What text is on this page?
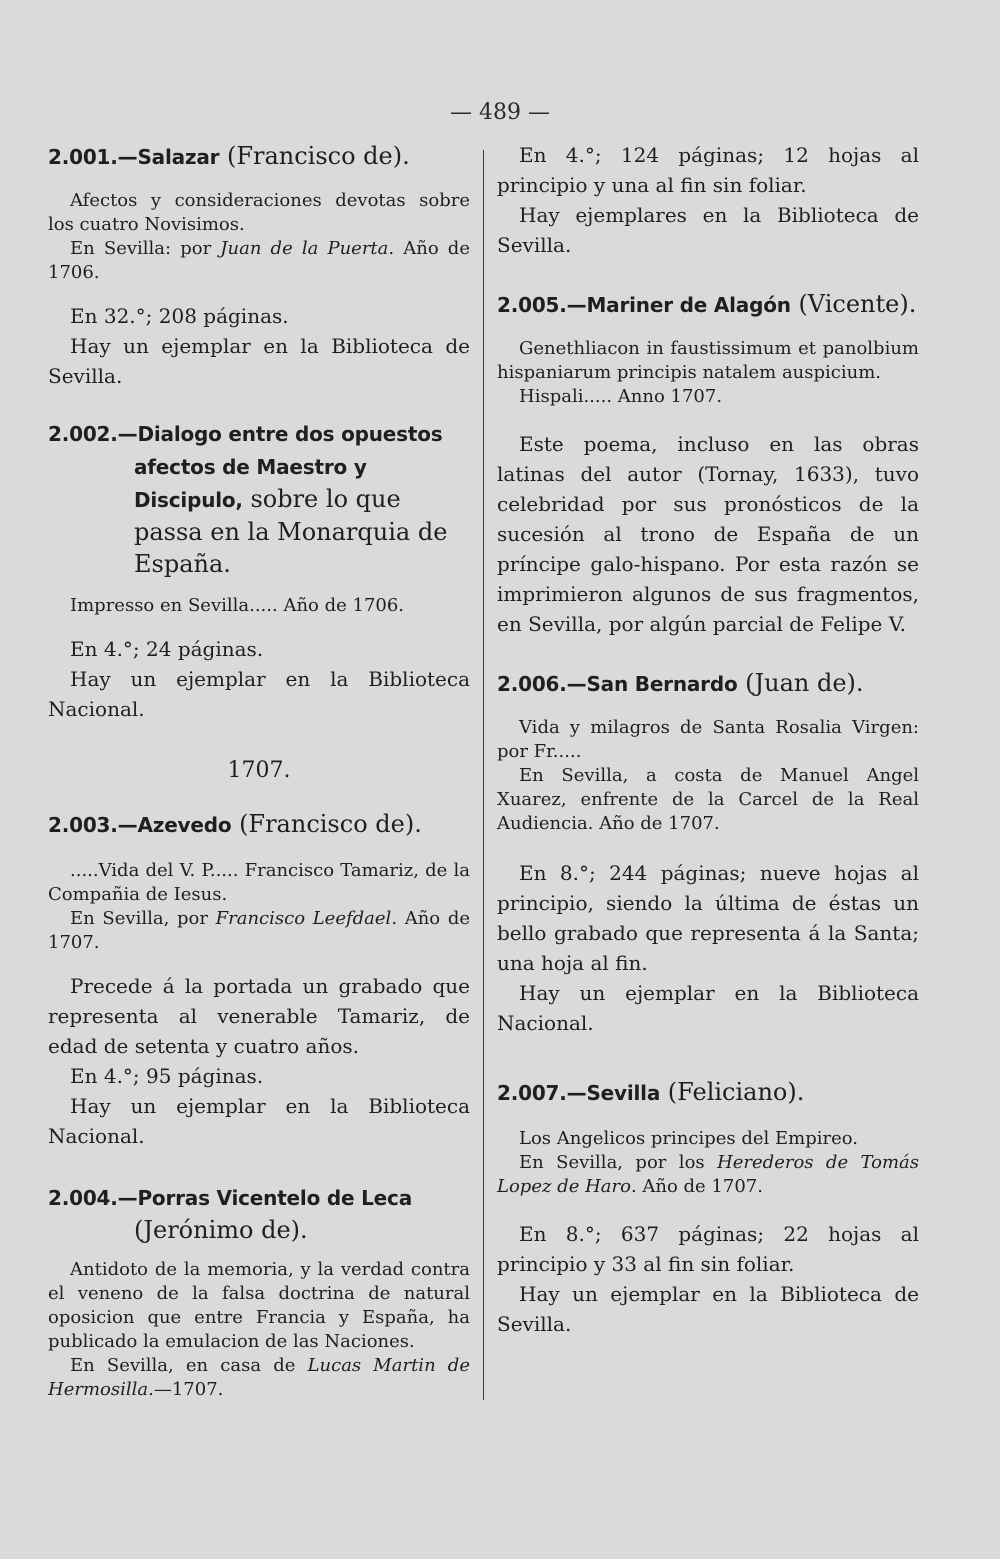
— 489 —

2.001.—Salazar (Francisco de).

Afectos y consideraciones devotas sobre los cuatro Novisimos.

En Sevilla: por Juan de la Puerta. Año de 1706.

En 32.°; 208 páginas.

Hay un ejemplar en la Biblioteca de Sevilla.

2.002.—Dialogo entre dos opuestos afectos de Maestro y Discipulo, sobre lo que passa en la Monarquia de España.

Impresso en Sevilla..... Año de 1706.

En 4.°; 24 páginas.

Hay un ejemplar en la Biblioteca Nacional.

1707.

2.003.—Azevedo (Francisco de).

.....Vida del V. P..... Francisco Tamariz, de la Compañia de Iesus.

En Sevilla, por Francisco Leefdael. Año de 1707.

Precede á la portada un grabado que representa al venerable Tamariz, de edad de setenta y cuatro años.

En 4.°; 95 páginas.

Hay un ejemplar en la Biblioteca Nacional.

2.004.—Porras Vicentelo de Leca (Jerónimo de).

Antidoto de la memoria, y la verdad contra el veneno de la falsa doctrina de natural oposicion que entre Francia y España, ha publicado la emulacion de las Naciones.

En Sevilla, en casa de Lucas Martin de Hermosilla.—1707.

En 4.°; 124 páginas; 12 hojas al principio y una al fin sin foliar.

Hay ejemplares en la Biblioteca de Sevilla.

2.005.—Mariner de Alagón (Vicente).

Genethliacon in faustissimum et panolbium hispaniarum principis natalem auspicium.

Hispali..... Anno 1707.

Este poema, incluso en las obras latinas del autor (Tornay, 1633), tuvo celebridad por sus pronósticos de la sucesión al trono de España de un príncipe galo-hispano. Por esta razón se imprimieron algunos de sus fragmentos, en Sevilla, por algún parcial de Felipe V.

2.006.—San Bernardo (Juan de).

Vida y milagros de Santa Rosalia Virgen: por Fr.....

En Sevilla, a costa de Manuel Angel Xuarez, enfrente de la Carcel de la Real Audiencia. Año de 1707.

En 8.°; 244 páginas; nueve hojas al principio, siendo la última de éstas un bello grabado que representa á la Santa; una hoja al fin.

Hay un ejemplar en la Biblioteca Nacional.

2.007.—Sevilla (Feliciano).

Los Angelicos principes del Empireo.

En Sevilla, por los Herederos de Tomás Lopez de Haro. Año de 1707.

En 8.°; 637 páginas; 22 hojas al principio y 33 al fin sin foliar.

Hay un ejemplar en la Biblioteca de Sevilla.
